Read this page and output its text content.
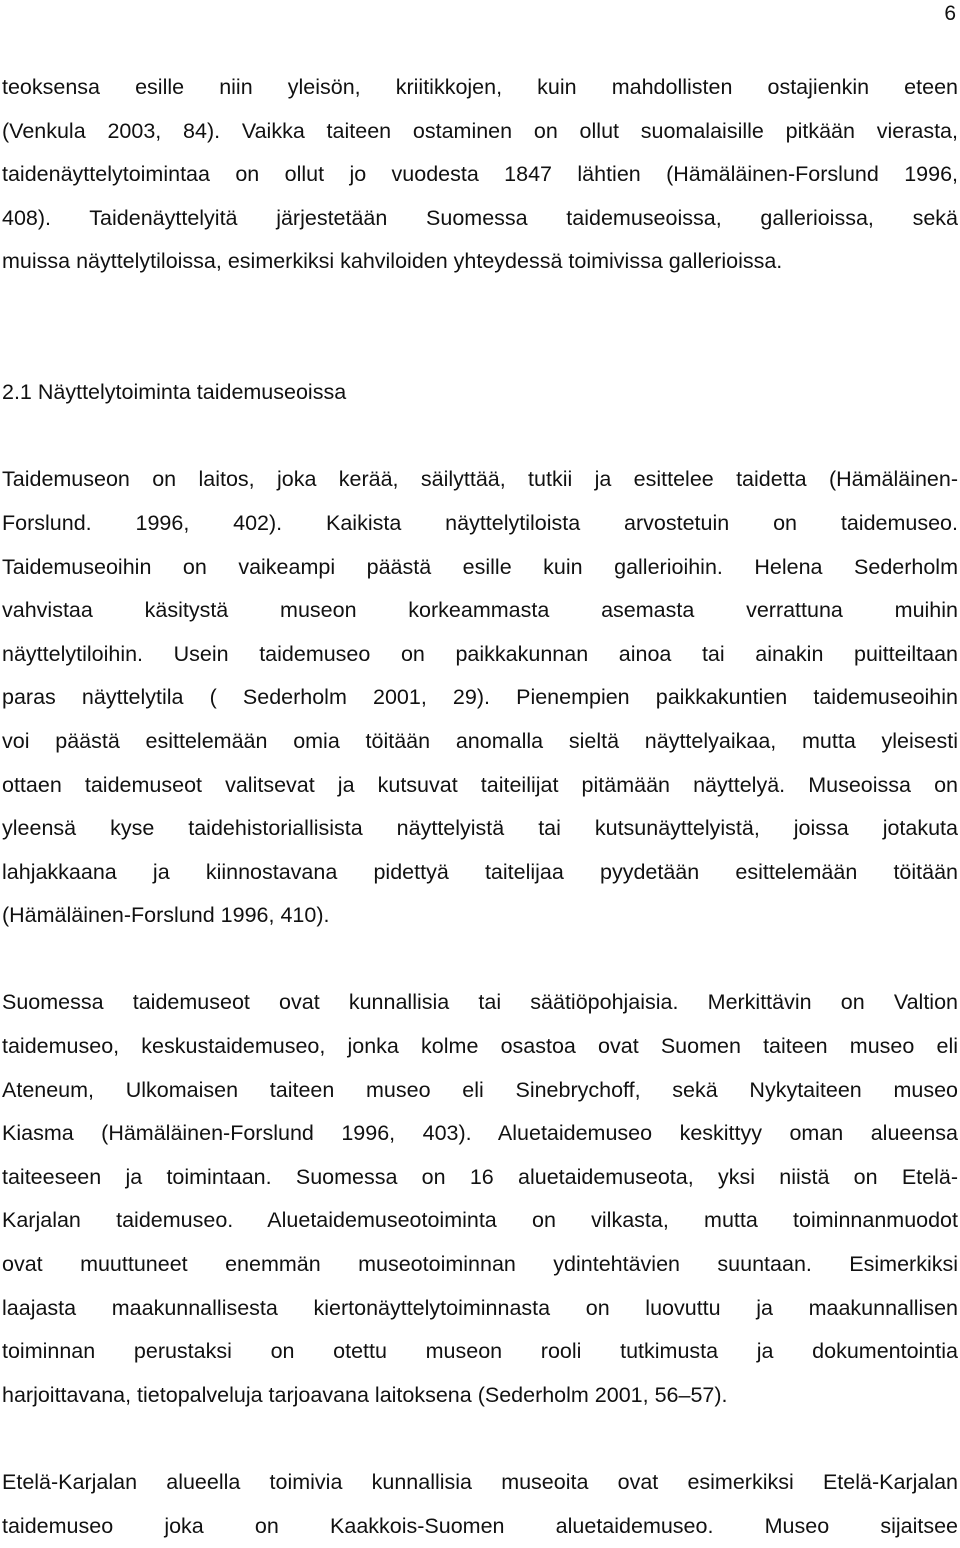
6
teoksensa esille niin yleisön, kriitikkojen, kuin mahdollisten ostajienkin eteen
(Venkula 2003, 84). Vaikka taiteen ostaminen on ollut suomalaisille pitkään vierasta,
taidenäyttelytoimintaa on ollut jo vuodesta 1847 lähtien (Hämäläinen-Forslund 1996,
408). Taidenäyttelyitä järjestetään Suomessa taidemuseoissa, gallerioissa, sekä
muissa näyttelytiloissa, esimerkiksi kahviloiden yhteydessä toimivissa gallerioissa.
2.1 Näyttelytoiminta taidemuseoissa
Taidemuseon on laitos, joka kerää, säilyttää, tutkii ja esittelee taidetta (Hämäläinen-
Forslund. 1996, 402). Kaikista näyttelytiloista arvostetuin on taidemuseo.
Taidemuseoihin on vaikeampi päästä esille kuin gallerioihin. Helena Sederholm
vahvistaa käsitystä museon korkeammasta asemasta verrattuna muihin
näyttelytiloihin. Usein taidemuseo on paikkakunnan ainoa tai ainakin puitteiltaan
paras näyttelytila ( Sederholm 2001, 29). Pienempien paikkakuntien taidemuseoihin
voi päästä esittelemään omia töitään anomalla sieltä näyttelyaikaa, mutta yleisesti
ottaen taidemuseot valitsevat ja kutsuvat taiteilijat pitämään näyttelyä. Museoissa on
yleensä kyse taidehistoriallisista näyttelyistä tai kutsunäyttelyistä, joissa jotakuta
lahjakkaana ja kiinnostavana pidettyä taitelijaa pyydetään esittelemään töitään
(Hämäläinen-Forslund 1996, 410).
Suomessa taidemuseot ovat kunnallisia tai säätiöpohjaisia. Merkittävin on Valtion
taidemuseo, keskustaidemuseo, jonka kolme osastoa ovat Suomen taiteen museo eli
Ateneum, Ulkomaisen taiteen museo eli Sinebrychoff, sekä Nykytaiteen museo
Kiasma (Hämäläinen-Forslund 1996, 403). Aluetaidemuseo keskittyy oman alueensa
taiteeseen ja toimintaan. Suomessa on 16 aluetaidemuseota, yksi niistä on Etelä-
Karjalan taidemuseo. Aluetaidemuseotoiminta on vilkasta, mutta toiminnanmuodot
ovat muuttuneet enemmän museotoiminnan ydintehtävien suuntaan. Esimerkiksi
laajasta maakunnallisesta kiertonäyttelytoiminnasta on luovuttu ja maakunnallisen
toiminnan perustaksi on otettu museon rooli tutkimusta ja dokumentointia
harjoittavana, tietopalveluja tarjoavana laitoksena (Sederholm 2001, 56–57).
Etelä-Karjalan alueella toimivia kunnallisia museoita ovat esimerkiksi Etelä-Karjalan
taidemuseo joka on Kaakkois-Suomen aluetaidemuseo. Museo sijaitsee
